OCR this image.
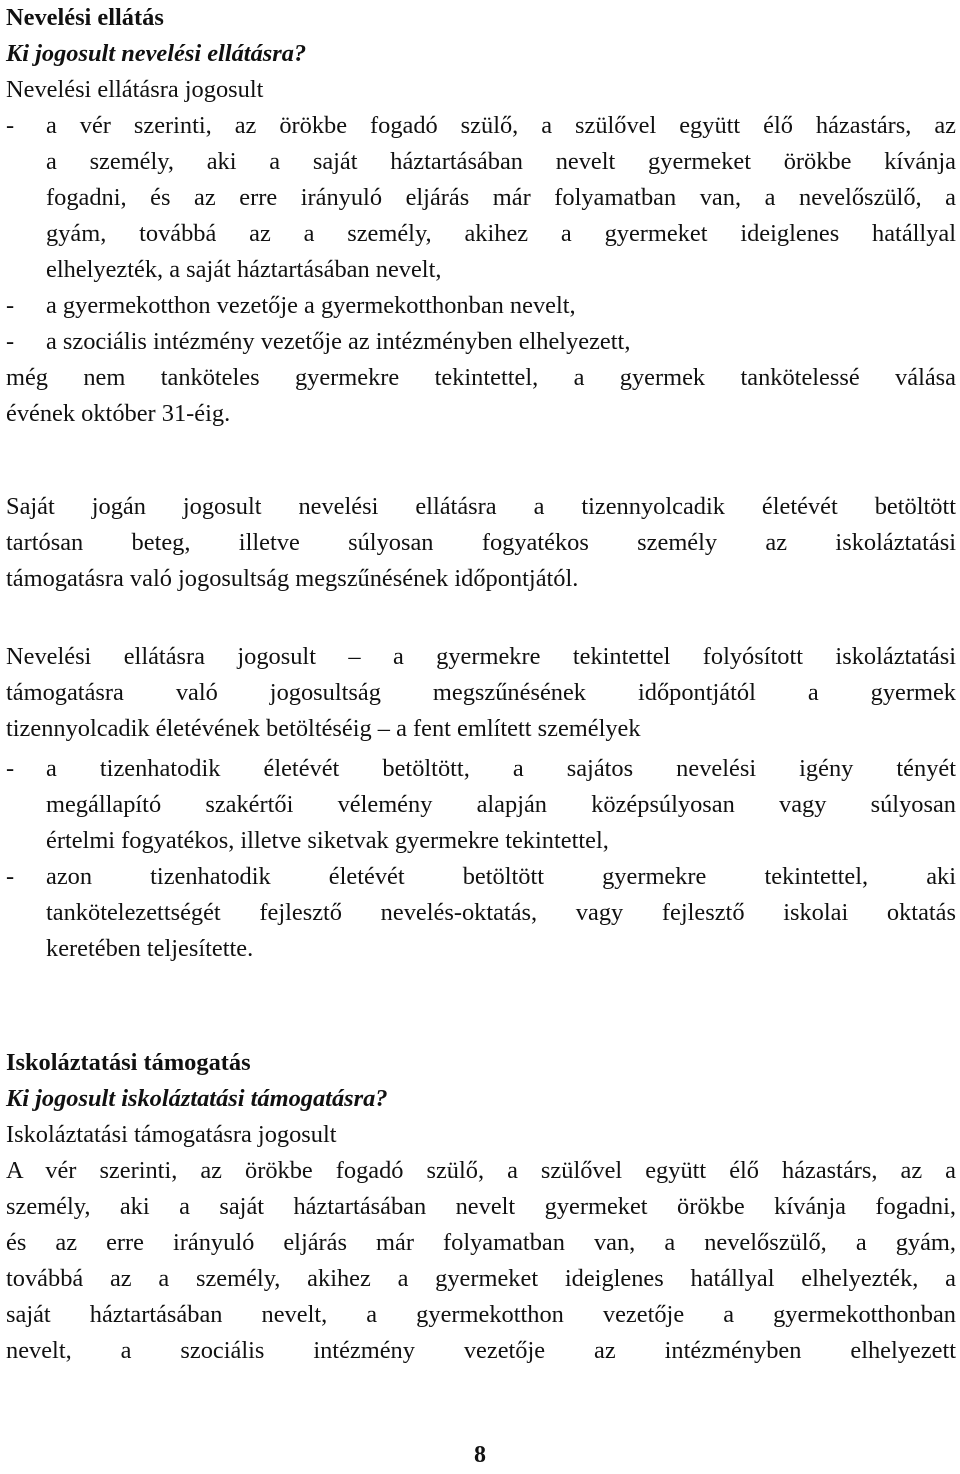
Nevelési ellátás
Ki jogosult nevelési ellátásra?
Nevelési ellátásra jogosult
- a vér szerinti, az örökbe fogadó szülő, a szülővel együtt élő házastárs, az
a személy, aki a saját háztartásában nevelt gyermeket örökbe kívánja
fogadni, és az erre irányuló eljárás már folyamatban van, a nevelőszülő, a
gyám, továbbá az a személy, akihez a gyermeket ideiglenes hatállyal
elhelyezték, a saját háztartásában nevelt,
- a gyermekotthon vezetője a gyermekotthonban nevelt,
- a szociális intézmény vezetője az intézményben elhelyezett,
még nem tanköteles gyermekre tekintettel, a gyermek tankötelessé válása
évének október 31-éig.
Saját jogán jogosult nevelési ellátásra a tizennyolcadik életévét betöltött
tartósan beteg, illetve súlyosan fogyatékos személy az iskoláztatási
támogatásra való jogosultság megszűnésének időpontjától.
Nevelési ellátásra jogosult – a gyermekre tekintettel folyósított iskoláztatási
támogatásra való jogosultság megszűnésének időpontjától a gyermek
tizennyolcadik életévének betöltéséig – a fent említett személyek
- a tizenhatodik életévét betöltött, a sajátos nevelési igény tényét
megállapító szakértői vélemény alapján középsúlyosan vagy súlyosan
értelmi fogyatékos, illetve siketvak gyermekre tekintettel,
- azon tizenhatodik életévét betöltött gyermekre tekintettel, aki
tankötelezettségét fejlesztő nevelés-oktatás, vagy fejlesztő iskolai oktatás
keretében teljesítette.
Iskoláztatási támogatás
Ki jogosult iskoláztatási támogatásra?
Iskoláztatási támogatásra jogosult
A vér szerinti, az örökbe fogadó szülő, a szülővel együtt élő házastárs, az a
személy, aki a saját háztartásában nevelt gyermeket örökbe kívánja fogadni,
és az erre irányuló eljárás már folyamatban van, a nevelőszülő, a gyám,
továbbá az a személy, akihez a gyermeket ideiglenes hatállyal elhelyezték, a
saját háztartásában nevelt, a gyermekotthon vezetője a gyermekotthonban
nevelt, a szociális intézmény vezetője az intézményben elhelyezett
8
